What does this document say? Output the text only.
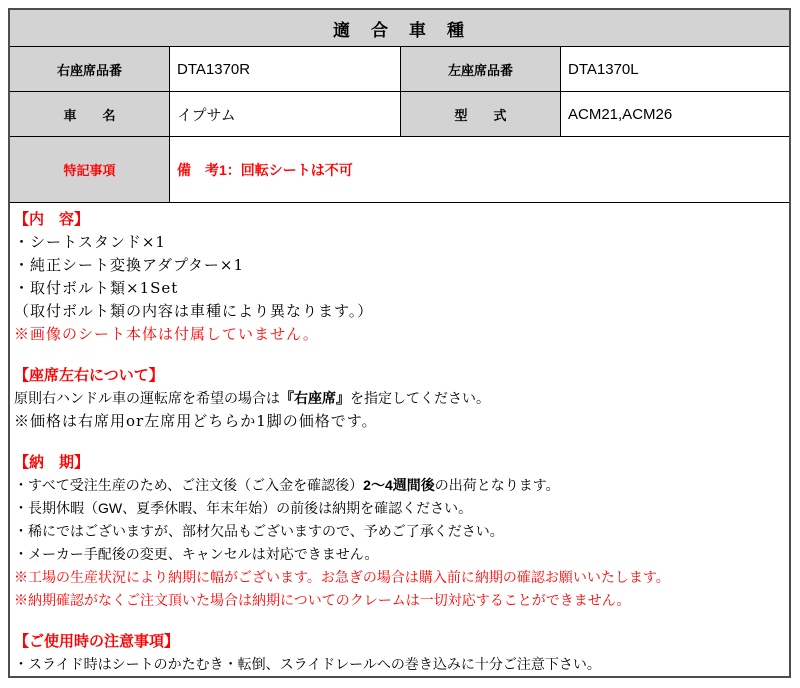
適　合　車　種
右座席品番	DTA1370R	左座席品番	DTA1370L
車　　名	イプサム	型　　式	ACM21,ACM26
特記事項	備　考1：回転シートは不可
【内　容】
・シートスタンド×1
・純正シート変換アダプター×1
・取付ボルト類×1Set
（取付ボルト類の内容は車種により異なります。）
※画像のシート本体は付属していません。
【座席左右について】
原則右ハンドル車の運転席を希望の場合は『右座席』を指定してください。
※価格は右席用or左席用どちらか1脚の価格です。
【納　期】
・すべて受注生産のため、ご注文後（ご入金を確認後）2～4週間後の出荷となります。
・長期休暇（GW、夏季休暇、年末年始）の前後は納期を確認ください。
・稀にではございますが、部材欠品もございますので、予めご了承ください。
・メーカー手配後の変更、キャンセルは対応できません。
※工場の生産状況により納期に幅がございます。お急ぎの場合は購入前に納期の確認お願いいたします。
※納期確認がなくご注文頂いた場合は納期についてのクレームは一切対応することができません。
【ご使用時の注意事項】
・スライド時はシートのかたむき・転倒、スライドレールへの巻き込みに十分ご注意下さい。
